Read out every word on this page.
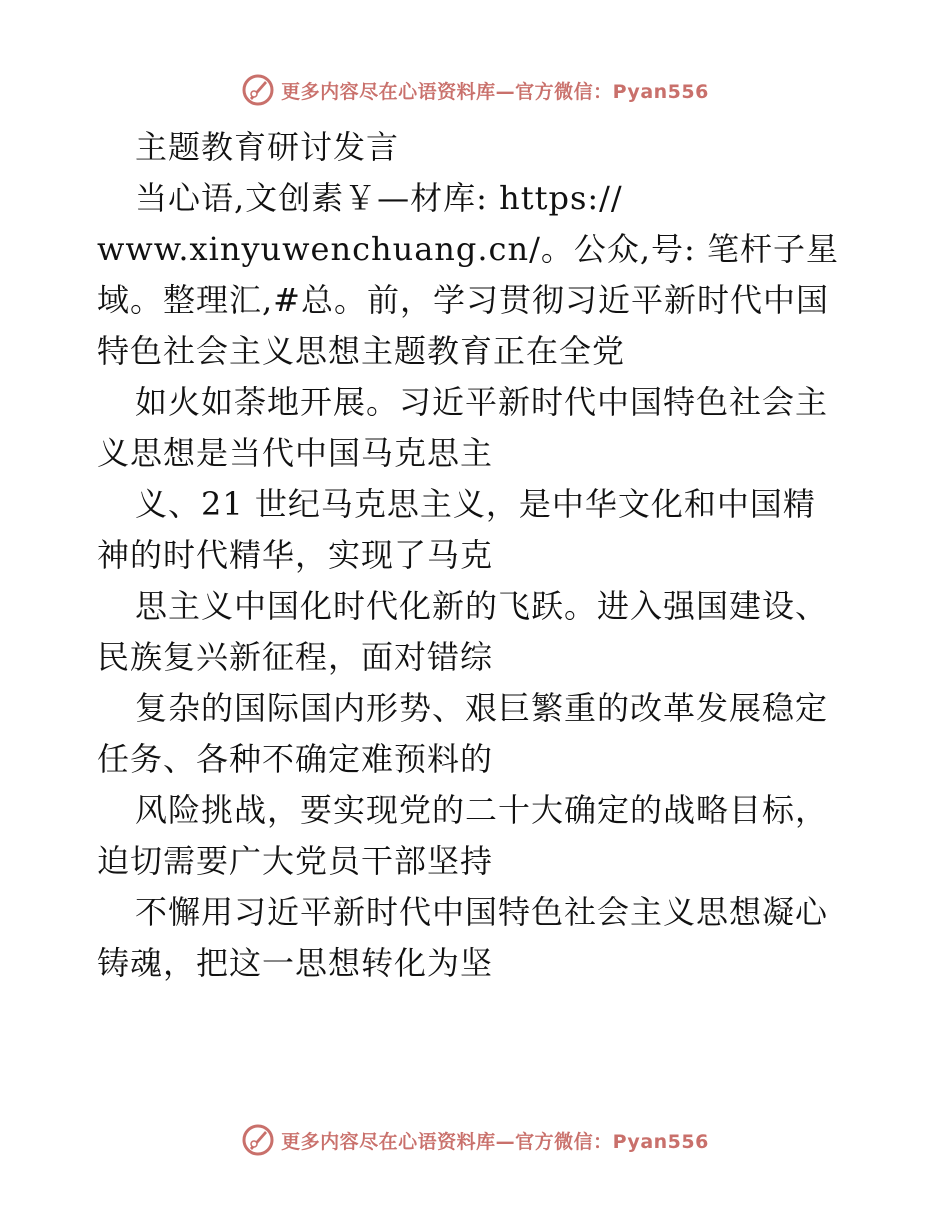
更多内容尽在心语资料库—官方微信：Pyan556
主题教育研讨发言
当心语,文创素￥—材库: https://
www.xinyuwenchuang.cn/。公众,号: 笔杆子星
域。整理汇,#总。前，学习贯彻习近平新时代中国
特色社会主义思想主题教育正在全党
如火如荼地开展。习近平新时代中国特色社会主
义思想是当代中国马克思主
义、21 世纪马克思主义，是中华文化和中国精
神的时代精华，实现了马克
思主义中国化时代化新的飞跃。进入强国建设、
民族复兴新征程，面对错综
复杂的国际国内形势、艰巨繁重的改革发展稳定
任务、各种不确定难预料的
风险挑战，要实现党的二十大确定的战略目标，
迫切需要广大党员干部坚持
不懈用习近平新时代中国特色社会主义思想凝心
铸魂，把这一思想转化为坚
更多内容尽在心语资料库—官方微信：Pyan556
